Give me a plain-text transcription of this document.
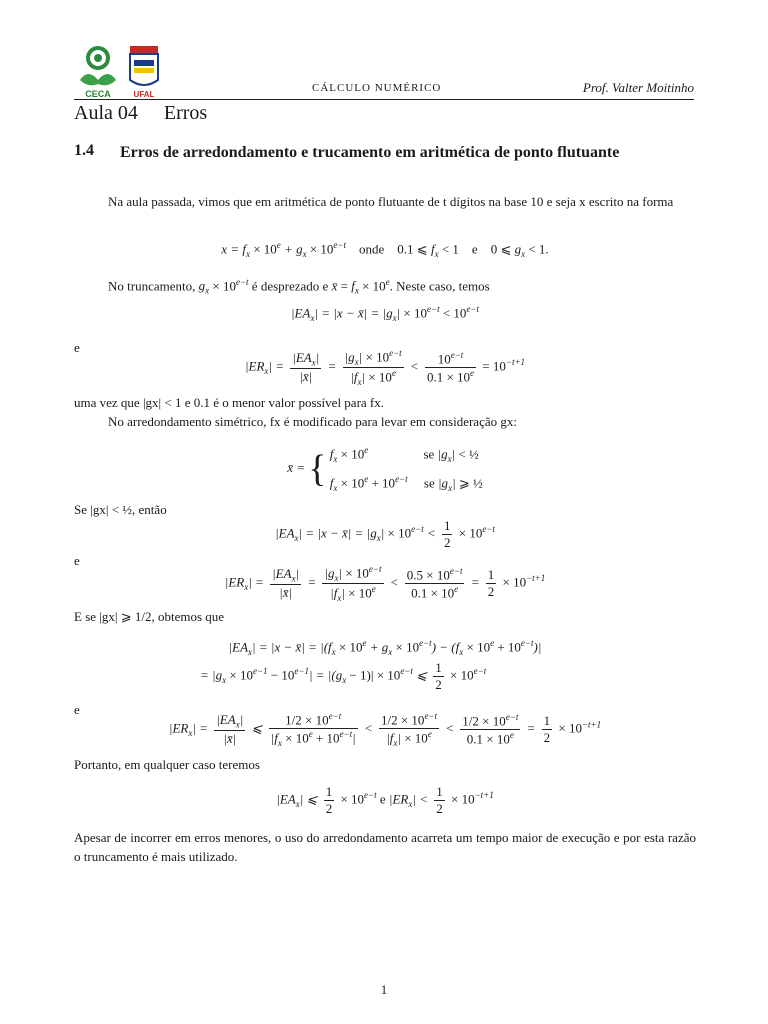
CECA	UFAL
CÁLCULO NUMÉRICO	Prof. Valter Moitinho
Aula 04 Erros
1.4 Erros de arredondamento e trucamento em aritmética de ponto flutuante
Na aula passada, vimos que em aritmética de ponto flutuante de t dígitos na base 10 e seja x escrito na forma
$x = f_x \times 10^e + g_x \times 10^{e-t}$ onde 0.1 ⩽ $f_x < 1$ e 0 ⩽ $g_x < 1$.
No truncamento, $g_x \times 10^{e-t}$ é desprezado e x̄ = $f_x \times 10^e$. Neste caso, temos
$|EA_x| = |x$ − x̄| = $|g_x| \times 10^{e-t} < 10^{e-t}$
e
$|ER_x| = \frac{|EA_x|}{|x̄|} = \frac{|g_x| \times 10^{e-t}}{|f_x| \times 10^e} < \frac{10^{e-t}}{0.1 \times 10^e} = 10^{-t+1}$
uma vez que |gx| < 1 e 0.1 é o menor valor possível para fx.
No arredondamento simétrico, fx é modificado para levar em consideração gx:
x̄ = { $f_x \times 10^e$	se $|g_x|$ < ½
$f_x \times 10^e + 10^{e-t}$ se $|g_x|$ ⩾ ½
Se |gx| < ½, então
$|EA_x| = |x$ − x̄| = $|g_x| \times 10^{e-t} < \frac{1}{2} \times 10^{e-t}$
e
$|ER_x| = \frac{|EA_x|}{|x̄|} = \frac{|g_x| \times 10^{e-t}}{|f_x| \times 10^e} < \frac{0.5 \times 10^{e-t}}{0.1 \times 10^e} = \frac{1}{2} \times 10^{-t+1}$
E se |gx| ⩾ 1/2, obtemos que
$|EA_x| = |x$ − x̄| = $|(f_x \times 10^e + g_x \times 10^{e-t}) - (f_x \times 10^e + 10^{e-t})|$
= $|g_x \times 10^{e-1} - 10^{e-1}| = |(g_x - 1)| \times 10^{e-t}$ ⩽ $\frac{1}{2} \times 10^{e-t}$
e
$|ER_x| = \frac{|EA_x|}{|x̄|}$ ⩽ $\frac{1/2 \times 10^{e-t}}{|f_x \times 10^e + 10^{e-t}|} < \frac{1/2 \times 10^{e-t}}{|f_x| \times 10^e} < \frac{1/2 \times 10^{e-t}}{0.1 \times 10^e} = \frac{1}{2} \times 10^{-t+1}$
Portanto, em qualquer caso teremos
$|EA_x|$ ⩽ $\frac{1}{2} \times 10^{e-t}$ e $|ER_x| < \frac{1}{2} \times 10^{-t+1}$
Apesar de incorrer em erros menores, o uso do arredondamento acarreta um tempo maior de execução e por esta razão o truncamento é mais utilizado.
1
